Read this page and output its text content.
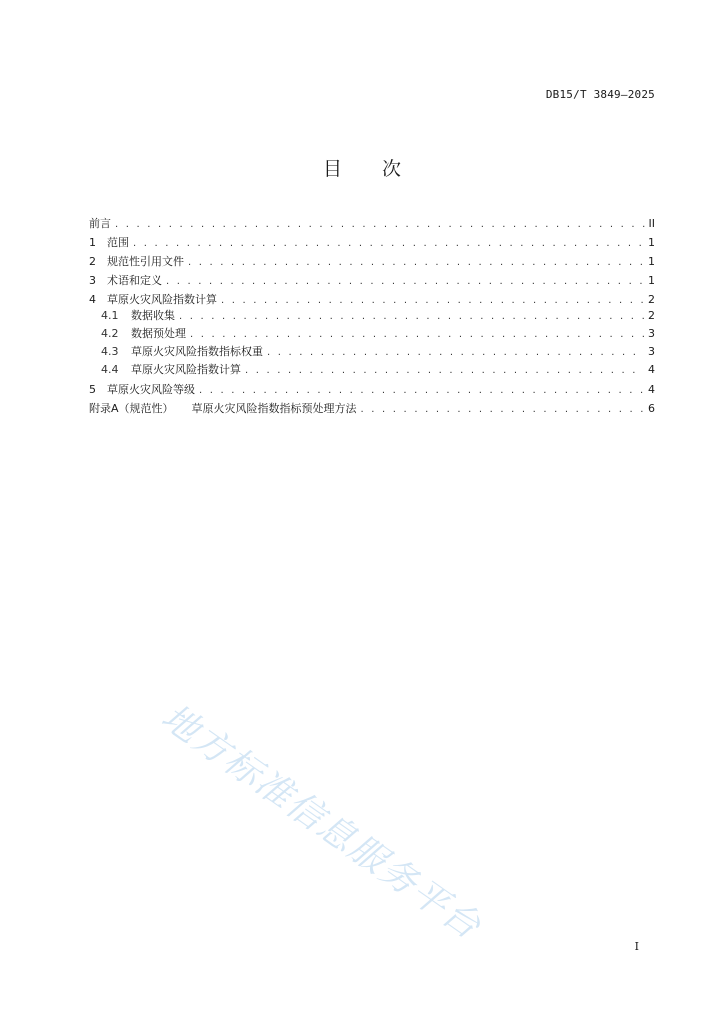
DB15/T 3849—2025
目 次
前言 . . .	II
1	范围 . . .	1
2	规范性引用文件 . . .	1
3	术语和定义 . . .	1
4	草原火灾风险指数计算 . . .	2
4.1	数据收集 . . .	2
4.2	数据预处理 . . .	3
4.3	草原火灾风险指数指标权重 . . .	3
4.4	草原火灾风险指数计算 . . .	4
5	草原火灾风险等级 . . .	4
附录A（规范性） 草原火灾风险指数指标预处理方法 . . .	6
地方标准信息服务平台	I
